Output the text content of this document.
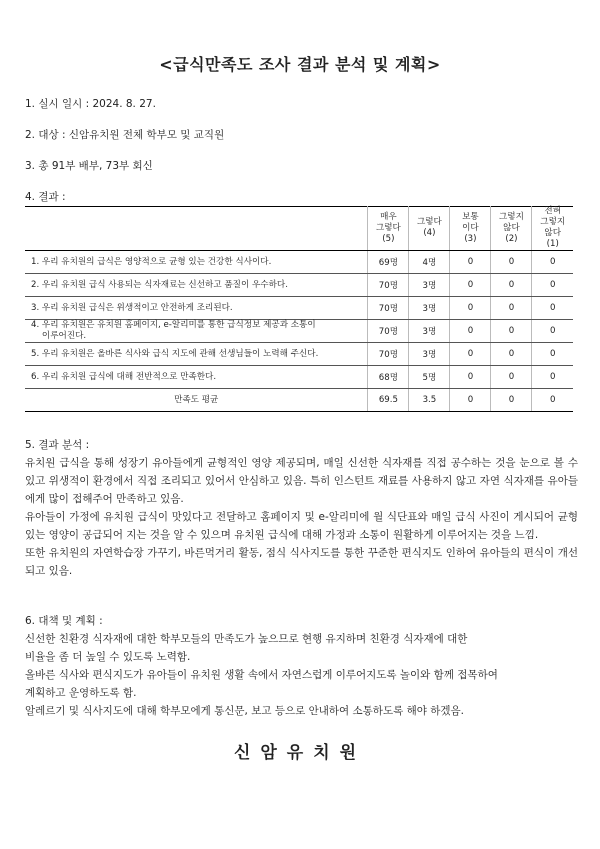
<급식만족도 조사 결과 분석 및 계획>
1. 실시 일시 : 2024. 8. 27.
2. 대상 : 신암유치원 전체 학부모 및 교직원
3. 총 91부 배부, 73부 회신
4. 결과 :
	매우
그렇다
(5)	그렇다
(4)	보통
이다
(3)	그렇지
않다
(2)	전혀
그렇지
않다
(1)
1. 우리 유치원의 급식은 영양적으로 균형 있는 건강한 식사이다.	69명	4명	0	0	0
2. 우리 유치원 급식 사용되는 식자재료는 신선하고 품질이 우수하다.	70명	3명	0	0	0
3. 우리 유치원 급식은 위생적이고 안전하게 조리된다.	70명	3명	0	0	0
4. 우리 유치원은 유치원 홈페이지, e-알리미를 통한 급식정보 제공과 소통이
이루어진다.	70명	3명	0	0	0
5. 우리 유치원은 올바른 식사와 급식 지도에 관해 선생님들이 노력해 주신다.	70명	3명	0	0	0
6. 우리 유치원 급식에 대해 전반적으로 만족한다.	68명	5명	0	0	0
만족도 평균	69.5	3.5	0	0	0

5. 결과 분석 :

유치원 급식을 통해 성장기 유아들에게 균형적인 영양 제공되며, 매일 신선한 식자재를 직접 공수하는 것을 눈으로 볼 수 있고 위생적이 환경에서 직접 조리되고 있어서 안심하고 있음. 특히 인스턴트 재료를 사용하지 않고 자연 식자재를 유아들에게 많이 접해주어 만족하고 있음.

유아들이 가정에 유치원 급식이 맛있다고 전달하고 홈페이지 및 e-알리미에 월 식단표와 매일 급식 사진이 게시되어 균형있는 영양이 공급되어 지는 것을 알 수 있으며 유치원 급식에 대해 가정과 소통이 원활하게 이루어지는 것을 느낌.

또한 유치원의 자연학습장 가꾸기, 바른먹거리 활동, 점식 식사지도를 통한 꾸준한 편식지도 인하여 유아들의 편식이 개선되고 있음.

6. 대책 및 계획 :

신선한 친환경 식자재에 대한 학부모들의 만족도가 높으므로 현행 유지하며 친환경 식자재에 대한

비율을 좀 더 높일 수 있도록 노력함.

올바른 식사와 편식지도가 유아들이 유치원 생활 속에서 자연스럽게 이루어지도록 놀이와 함께 접목하여

계획하고 운영하도록 함.

알레르기 및 식사지도에 대해 학부모에게 통신문, 보고 등으로 안내하여 소통하도록 해야 하겠음.

신암유치원
